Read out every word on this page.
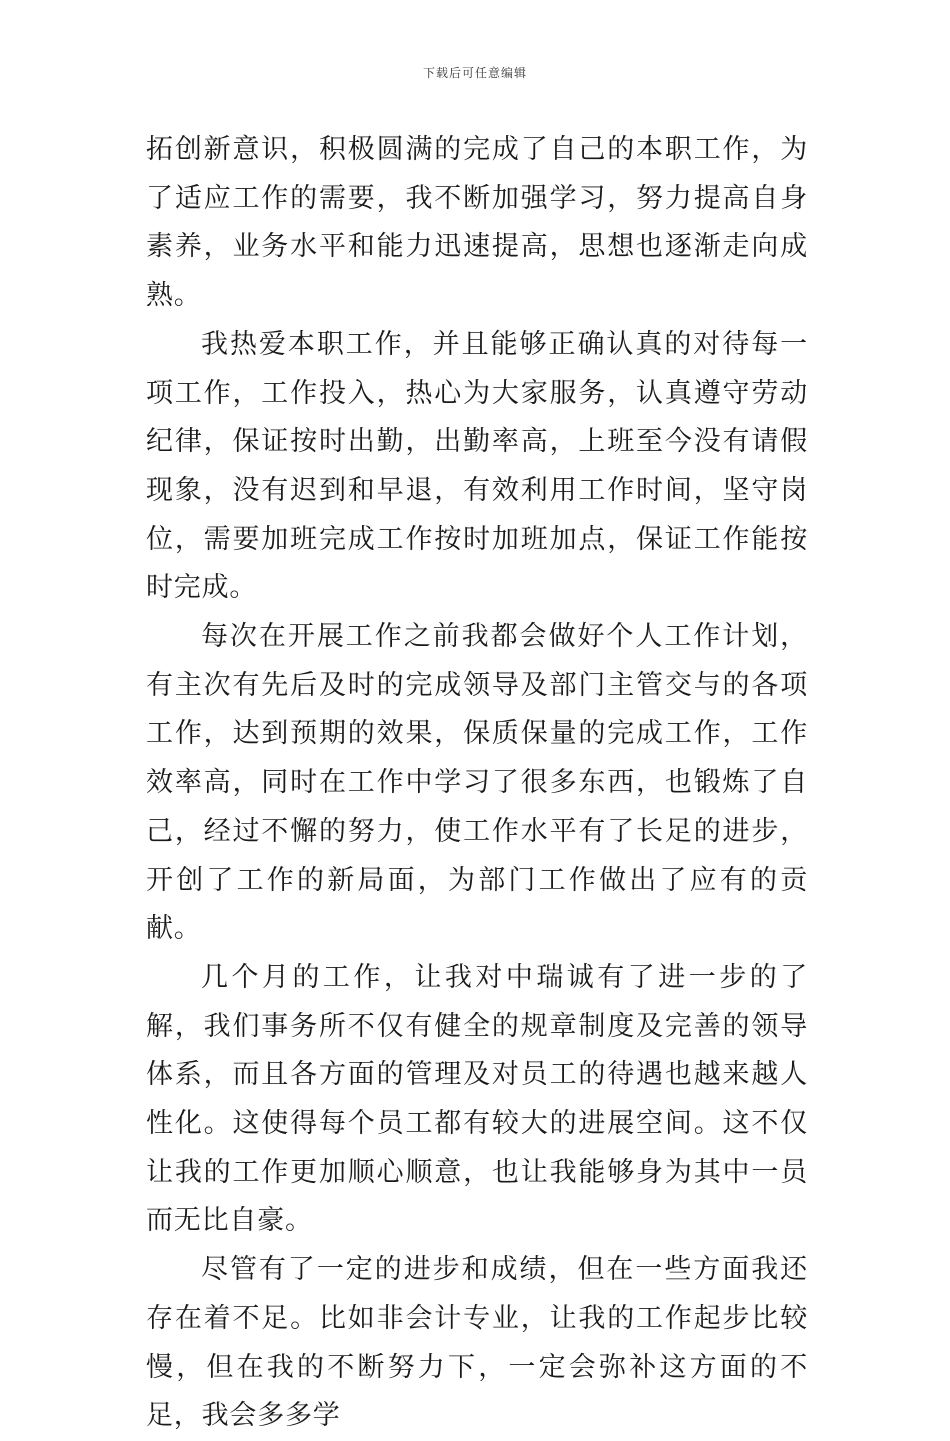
下载后可任意编辑

拓创新意识，积极圆满的完成了自己的本职工作，为了适应工作的需要，我不断加强学习，努力提高自身素养，业务水平和能力迅速提高，思想也逐渐走向成熟。

我热爱本职工作，并且能够正确认真的对待每一项工作，工作投入，热心为大家服务，认真遵守劳动纪律，保证按时出勤，出勤率高，上班至今没有请假现象，没有迟到和早退，有效利用工作时间，坚守岗位，需要加班完成工作按时加班加点，保证工作能按时完成。

每次在开展工作之前我都会做好个人工作计划，有主次有先后及时的完成领导及部门主管交与的各项工作，达到预期的效果，保质保量的完成工作，工作效率高，同时在工作中学习了很多东西，也锻炼了自己，经过不懈的努力，使工作水平有了长足的进步，开创了工作的新局面，为部门工作做出了应有的贡献。

几个月的工作，让我对中瑞诚有了进一步的了解，我们事务所不仅有健全的规章制度及完善的领导体系，而且各方面的管理及对员工的待遇也越来越人性化。这使得每个员工都有较大的进展空间。这不仅让我的工作更加顺心顺意，也让我能够身为其中一员而无比自豪。

尽管有了一定的进步和成绩，但在一些方面我还存在着不足。比如非会计专业，让我的工作起步比较慢，但在我的不断努力下，一定会弥补这方面的不足，我会多多学
